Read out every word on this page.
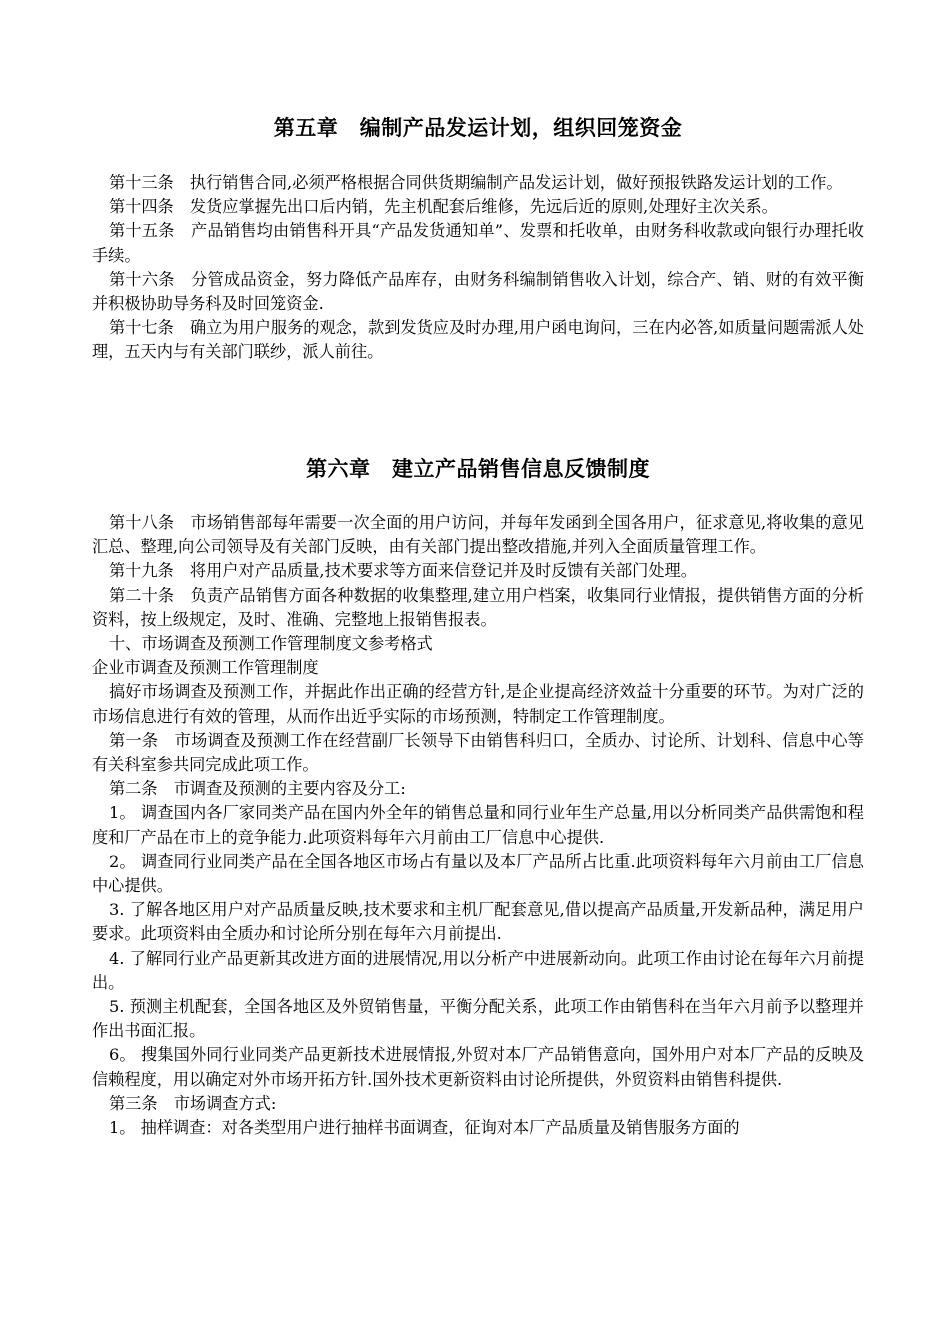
第五章　编制产品发运计划，组织回笼资金

第十三条　执行销售合同,必须严格根据合同供货期编制产品发运计划，做好预报铁路发运计划的工作。

第十四条　发货应掌握先出口后内销，先主机配套后维修，先远后近的原则,处理好主次关系。

第十五条　产品销售均由销售科开具“产品发货通知单”、发票和托收单，由财务科收款或向银行办理托收手续。

第十六条　分管成品资金，努力降低产品库存，由财务科编制销售收入计划，综合产、销、财的有效平衡并积极协助导务科及时回笼资金.

第十七条　确立为用户服务的观念，款到发货应及时办理,用户函电询问，三在内必答,如质量问题需派人处理，五天内与有关部门联纱，派人前往。

第六章　建立产品销售信息反馈制度

第十八条　市场销售部每年需要一次全面的用户访问，并每年发函到全国各用户，征求意见,将收集的意见汇总、整理,向公司领导及有关部门反映，由有关部门提出整改措施,并列入全面质量管理工作。

第十九条　将用户对产品质量,技术要求等方面来信登记并及时反馈有关部门处理。

第二十条　负责产品销售方面各种数据的收集整理,建立用户档案，收集同行业情报，提供销售方面的分析资料，按上级规定，及时、准确、完整地上报销售报表。

十、市场调查及预测工作管理制度文参考格式

企业市调查及预测工作管理制度

搞好市场调查及预测工作，并据此作出正确的经营方针,是企业提高经济效益十分重要的环节。为对广泛的市场信息进行有效的管理，从而作出近乎实际的市场预测，特制定工作管理制度。

第一条　市场调查及预测工作在经营副厂长领导下由销售科归口，全质办、讨论所、计划科、信息中心等有关科室参共同完成此项工作。

第二条　市调查及预测的主要内容及分工:

1。 调查国内各厂家同类产品在国内外全年的销售总量和同行业年生产总量,用以分析同类产品供需饱和程度和厂产品在市上的竞争能力.此项资料每年六月前由工厂信息中心提供.

2。 调查同行业同类产品在全国各地区市场占有量以及本厂产品所占比重.此项资料每年六月前由工厂信息中心提供。

3. 了解各地区用户对产品质量反映,技术要求和主机厂配套意见,借以提高产品质量,开发新品种，满足用户要求。此项资料由全质办和讨论所分别在每年六月前提出.

4. 了解同行业产品更新其改进方面的进展情况,用以分析产中进展新动向。此项工作由讨论在每年六月前提出。

5. 预测主机配套，全国各地区及外贸销售量，平衡分配关系，此项工作由销售科在当年六月前予以整理并作出书面汇报。

6。 搜集国外同行业同类产品更新技术进展情报,外贸对本厂产品销售意向，国外用户对本厂产品的反映及信赖程度，用以确定对外市场开拓方针.国外技术更新资料由讨论所提供，外贸资料由销售科提供.

第三条　市场调查方式:

1。 抽样调查：对各类型用户进行抽样书面调查，征询对本厂产品质量及销售服务方面的
